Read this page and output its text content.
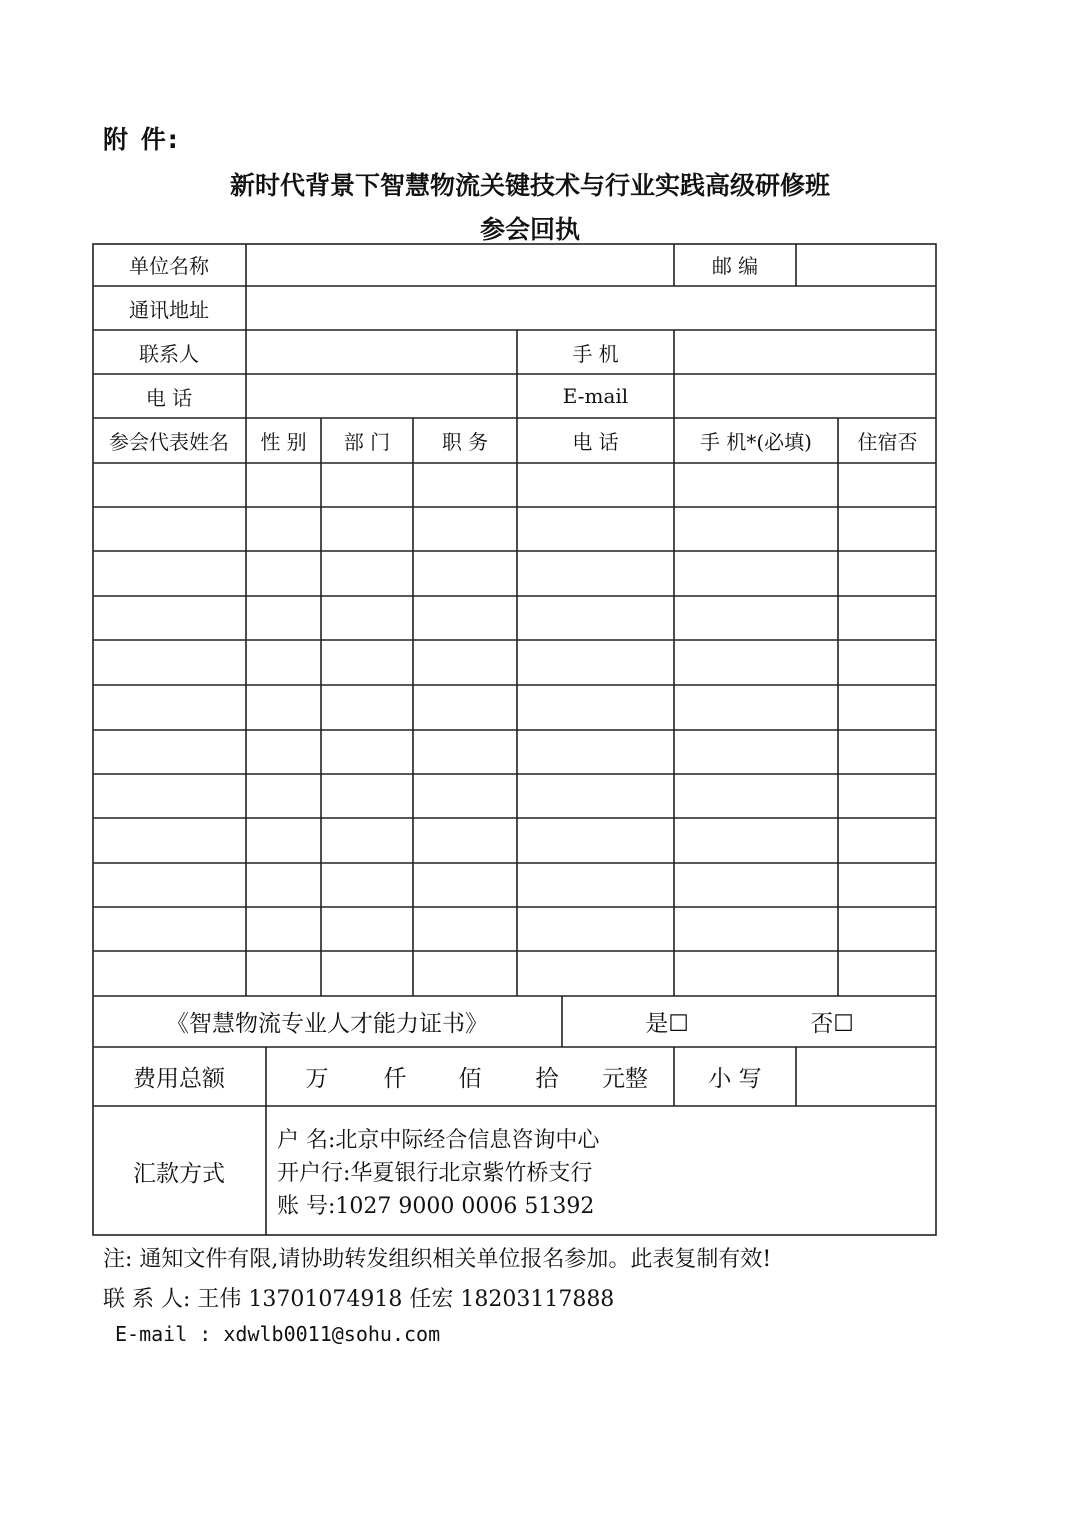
附 件:
新时代背景下智慧物流关键技术与行业实践高级研修班
参会回执
单位名称	邮 编
通讯地址
联系人	手 机
电 话	E-mail
参会代表姓名	性 别	部 门	职 务	电 话	手 机*(必填)	住宿否
《智慧物流专业人才能力证书》	是☐	否☐
费用总额	万	仟	佰	拾	元整	小 写
汇款方式
户 名:北京中际经合信息咨询中心
开户行:华夏银行北京紫竹桥支行
账 号:1027 9000 0006 51392
注: 通知文件有限,请协助转发组织相关单位报名参加。此表复制有效!
联 系 人: 王伟 13701074918 任宏 18203117888
E-mail : xdwlb0011@sohu.com
